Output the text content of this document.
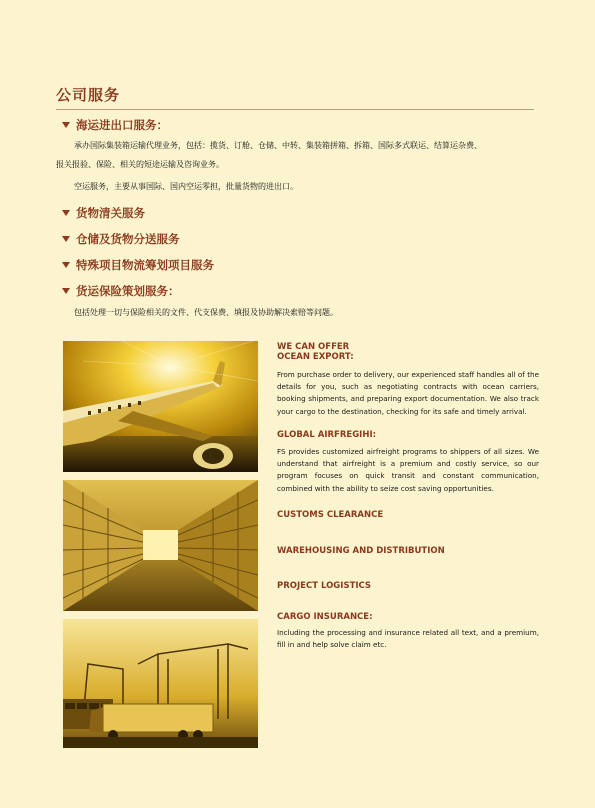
公司服务
海运进出口服务：
承办国际集装箱运输代理业务，包括：揽货、订舱、仓储、中转、集装箱拼箱、拆箱、国际多式联运、结算运杂费、
报关报验、保险、相关的短途运输及咨询业务。
空运服务，主要从事国际、国内空运零担，批量货物的进出口。
货物清关服务
仓储及货物分送服务
特殊项目物流筹划项目服务
货运保险策划服务：
包括处理一切与保险相关的文件、代支保费、填报及协助解决索赔等问题。
WE CAN OFFER
OCEAN EXPORT:
From purchase order to delivery, our experienced staff handles all of the details for you, such as negotiating contracts with ocean carriers, booking shipments, and preparing export documentation. We also track your cargo to the destination, checking for its safe and timely arrival.
GLOBAL AIRFREGIHI:
FS provides customized airfreight programs to shippers of all sizes. We understand that airfreight is a premium and costly service, so our program focuses on quick transit and constant communication, combined with the ability to seize cost saving opportunities.
CUSTOMS CLEARANCE
WAREHOUSING AND DISTRIBUTION
PROJECT LOGISTICS
CARGO INSURANCE:
Including the processing and insurance related all text, and a premium, fill in and help solve claim etc.
